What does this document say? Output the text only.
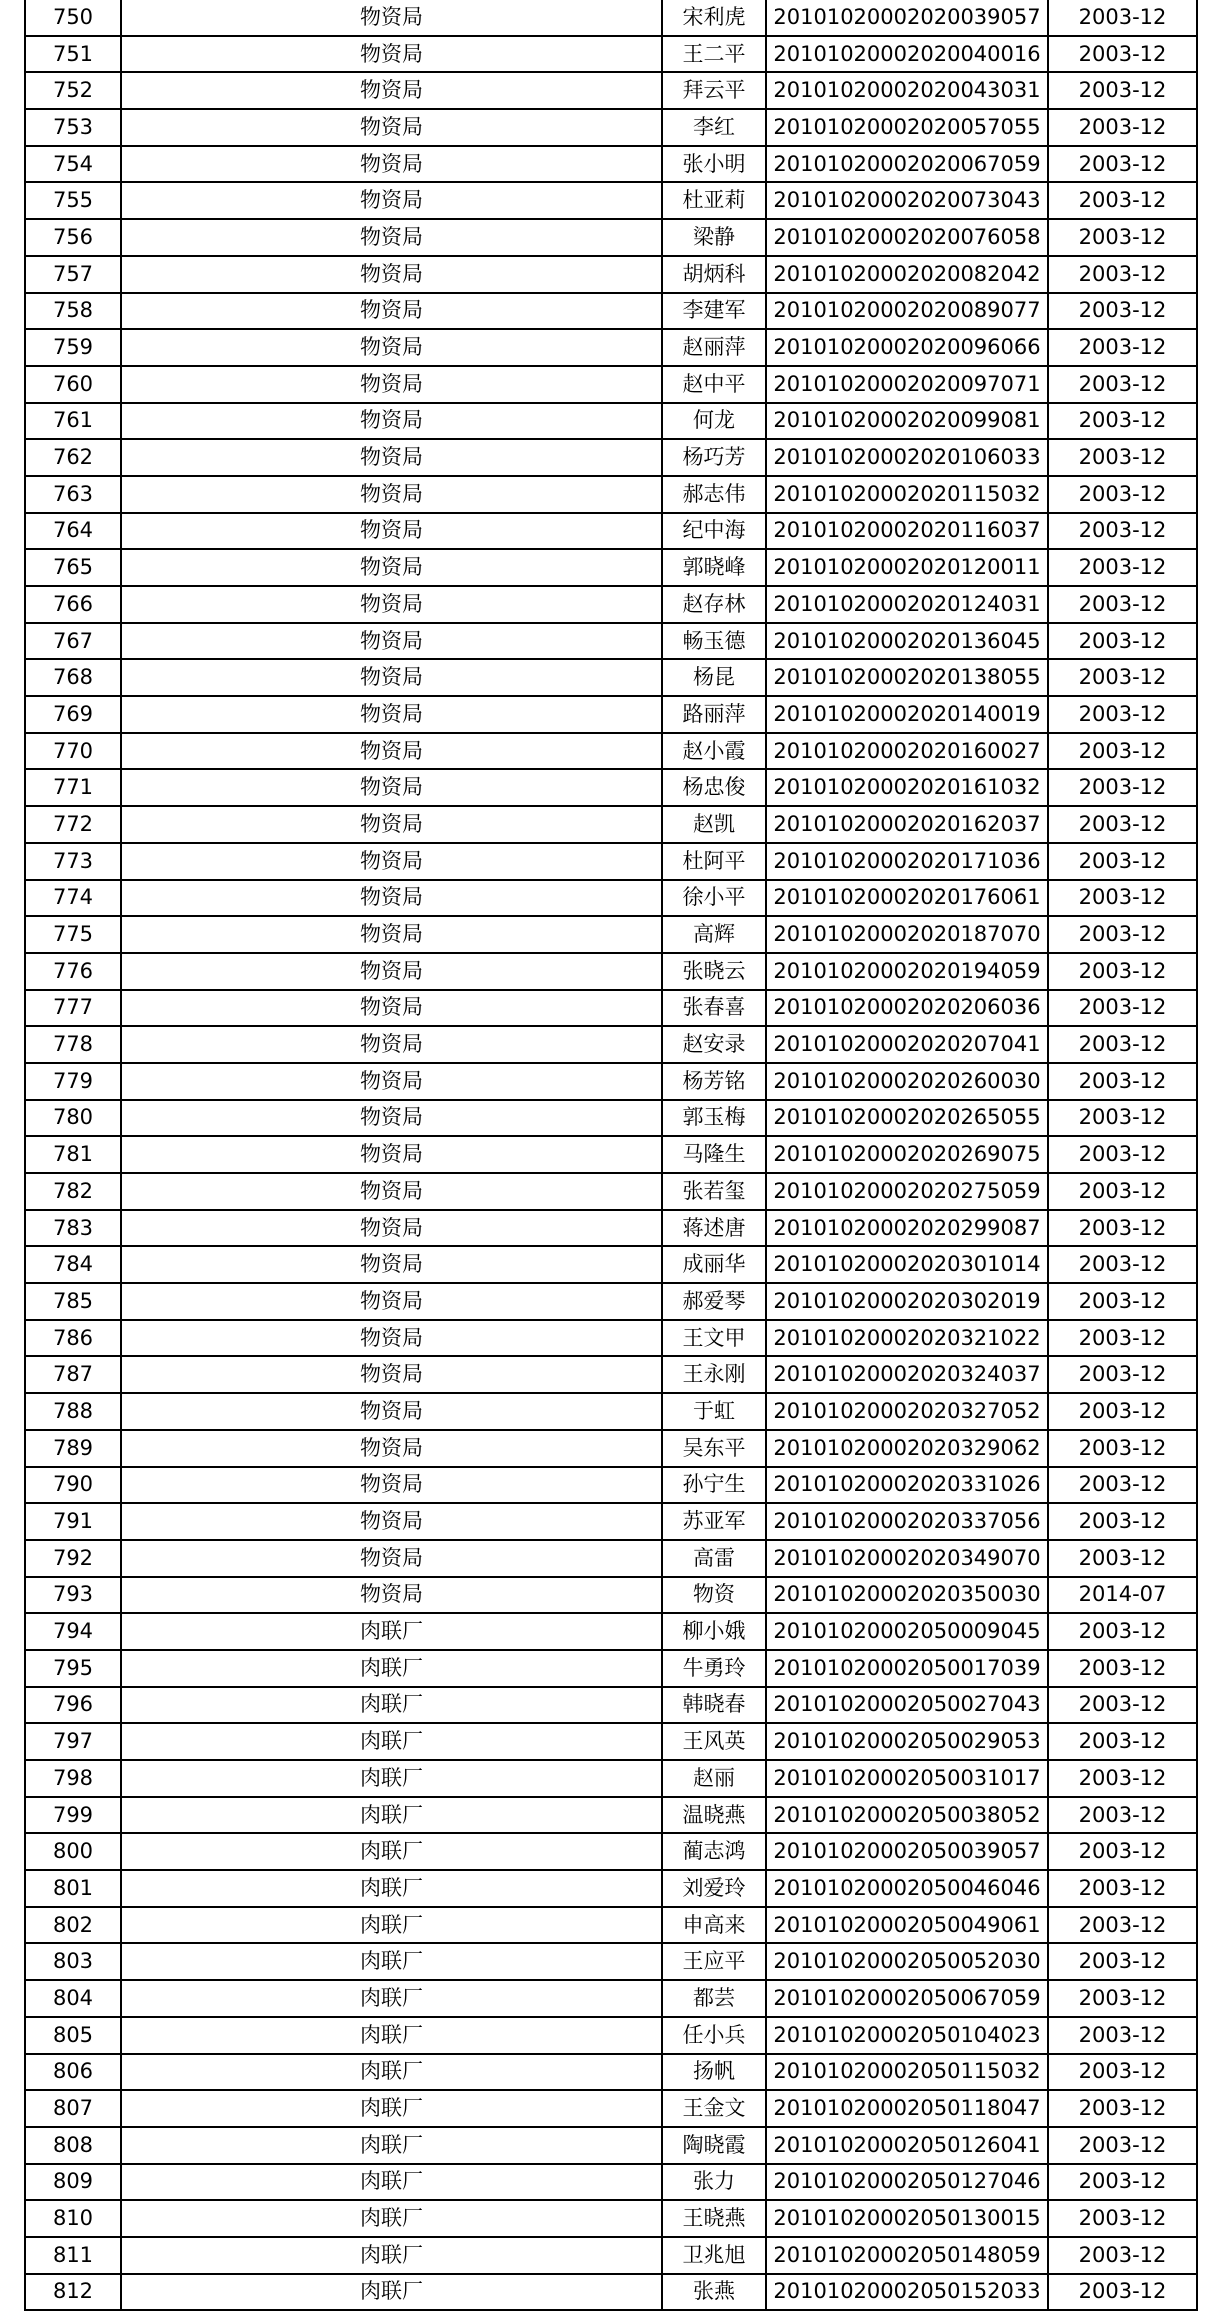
750	物资局	宋利虎	20101020002020039057	2003-12
751	物资局	王二平	20101020002020040016	2003-12
752	物资局	拜云平	20101020002020043031	2003-12
753	物资局	李红	20101020002020057055	2003-12
754	物资局	张小明	20101020002020067059	2003-12
755	物资局	杜亚莉	20101020002020073043	2003-12
756	物资局	梁静	20101020002020076058	2003-12
757	物资局	胡炳科	20101020002020082042	2003-12
758	物资局	李建军	20101020002020089077	2003-12
759	物资局	赵丽萍	20101020002020096066	2003-12
760	物资局	赵中平	20101020002020097071	2003-12
761	物资局	何龙	20101020002020099081	2003-12
762	物资局	杨巧芳	20101020002020106033	2003-12
763	物资局	郝志伟	20101020002020115032	2003-12
764	物资局	纪中海	20101020002020116037	2003-12
765	物资局	郭晓峰	20101020002020120011	2003-12
766	物资局	赵存林	20101020002020124031	2003-12
767	物资局	畅玉德	20101020002020136045	2003-12
768	物资局	杨昆	20101020002020138055	2003-12
769	物资局	路丽萍	20101020002020140019	2003-12
770	物资局	赵小霞	20101020002020160027	2003-12
771	物资局	杨忠俊	20101020002020161032	2003-12
772	物资局	赵凯	20101020002020162037	2003-12
773	物资局	杜阿平	20101020002020171036	2003-12
774	物资局	徐小平	20101020002020176061	2003-12
775	物资局	高辉	20101020002020187070	2003-12
776	物资局	张晓云	20101020002020194059	2003-12
777	物资局	张春喜	20101020002020206036	2003-12
778	物资局	赵安录	20101020002020207041	2003-12
779	物资局	杨芳铭	20101020002020260030	2003-12
780	物资局	郭玉梅	20101020002020265055	2003-12
781	物资局	马隆生	20101020002020269075	2003-12
782	物资局	张若玺	20101020002020275059	2003-12
783	物资局	蒋述唐	20101020002020299087	2003-12
784	物资局	成丽华	20101020002020301014	2003-12
785	物资局	郝爱琴	20101020002020302019	2003-12
786	物资局	王文甲	20101020002020321022	2003-12
787	物资局	王永刚	20101020002020324037	2003-12
788	物资局	于虹	20101020002020327052	2003-12
789	物资局	吴东平	20101020002020329062	2003-12
790	物资局	孙宁生	20101020002020331026	2003-12
791	物资局	苏亚军	20101020002020337056	2003-12
792	物资局	高雷	20101020002020349070	2003-12
793	物资局	物资	20101020002020350030	2014-07
794	肉联厂	柳小娥	20101020002050009045	2003-12
795	肉联厂	牛勇玲	20101020002050017039	2003-12
796	肉联厂	韩晓春	20101020002050027043	2003-12
797	肉联厂	王风英	20101020002050029053	2003-12
798	肉联厂	赵丽	20101020002050031017	2003-12
799	肉联厂	温晓燕	20101020002050038052	2003-12
800	肉联厂	蔺志鸿	20101020002050039057	2003-12
801	肉联厂	刘爱玲	20101020002050046046	2003-12
802	肉联厂	申高来	20101020002050049061	2003-12
803	肉联厂	王应平	20101020002050052030	2003-12
804	肉联厂	都芸	20101020002050067059	2003-12
805	肉联厂	任小兵	20101020002050104023	2003-12
806	肉联厂	扬帆	20101020002050115032	2003-12
807	肉联厂	王金文	20101020002050118047	2003-12
808	肉联厂	陶晓霞	20101020002050126041	2003-12
809	肉联厂	张力	20101020002050127046	2003-12
810	肉联厂	王晓燕	20101020002050130015	2003-12
811	肉联厂	卫兆旭	20101020002050148059	2003-12
812	肉联厂	张燕	20101020002050152033	2003-12
